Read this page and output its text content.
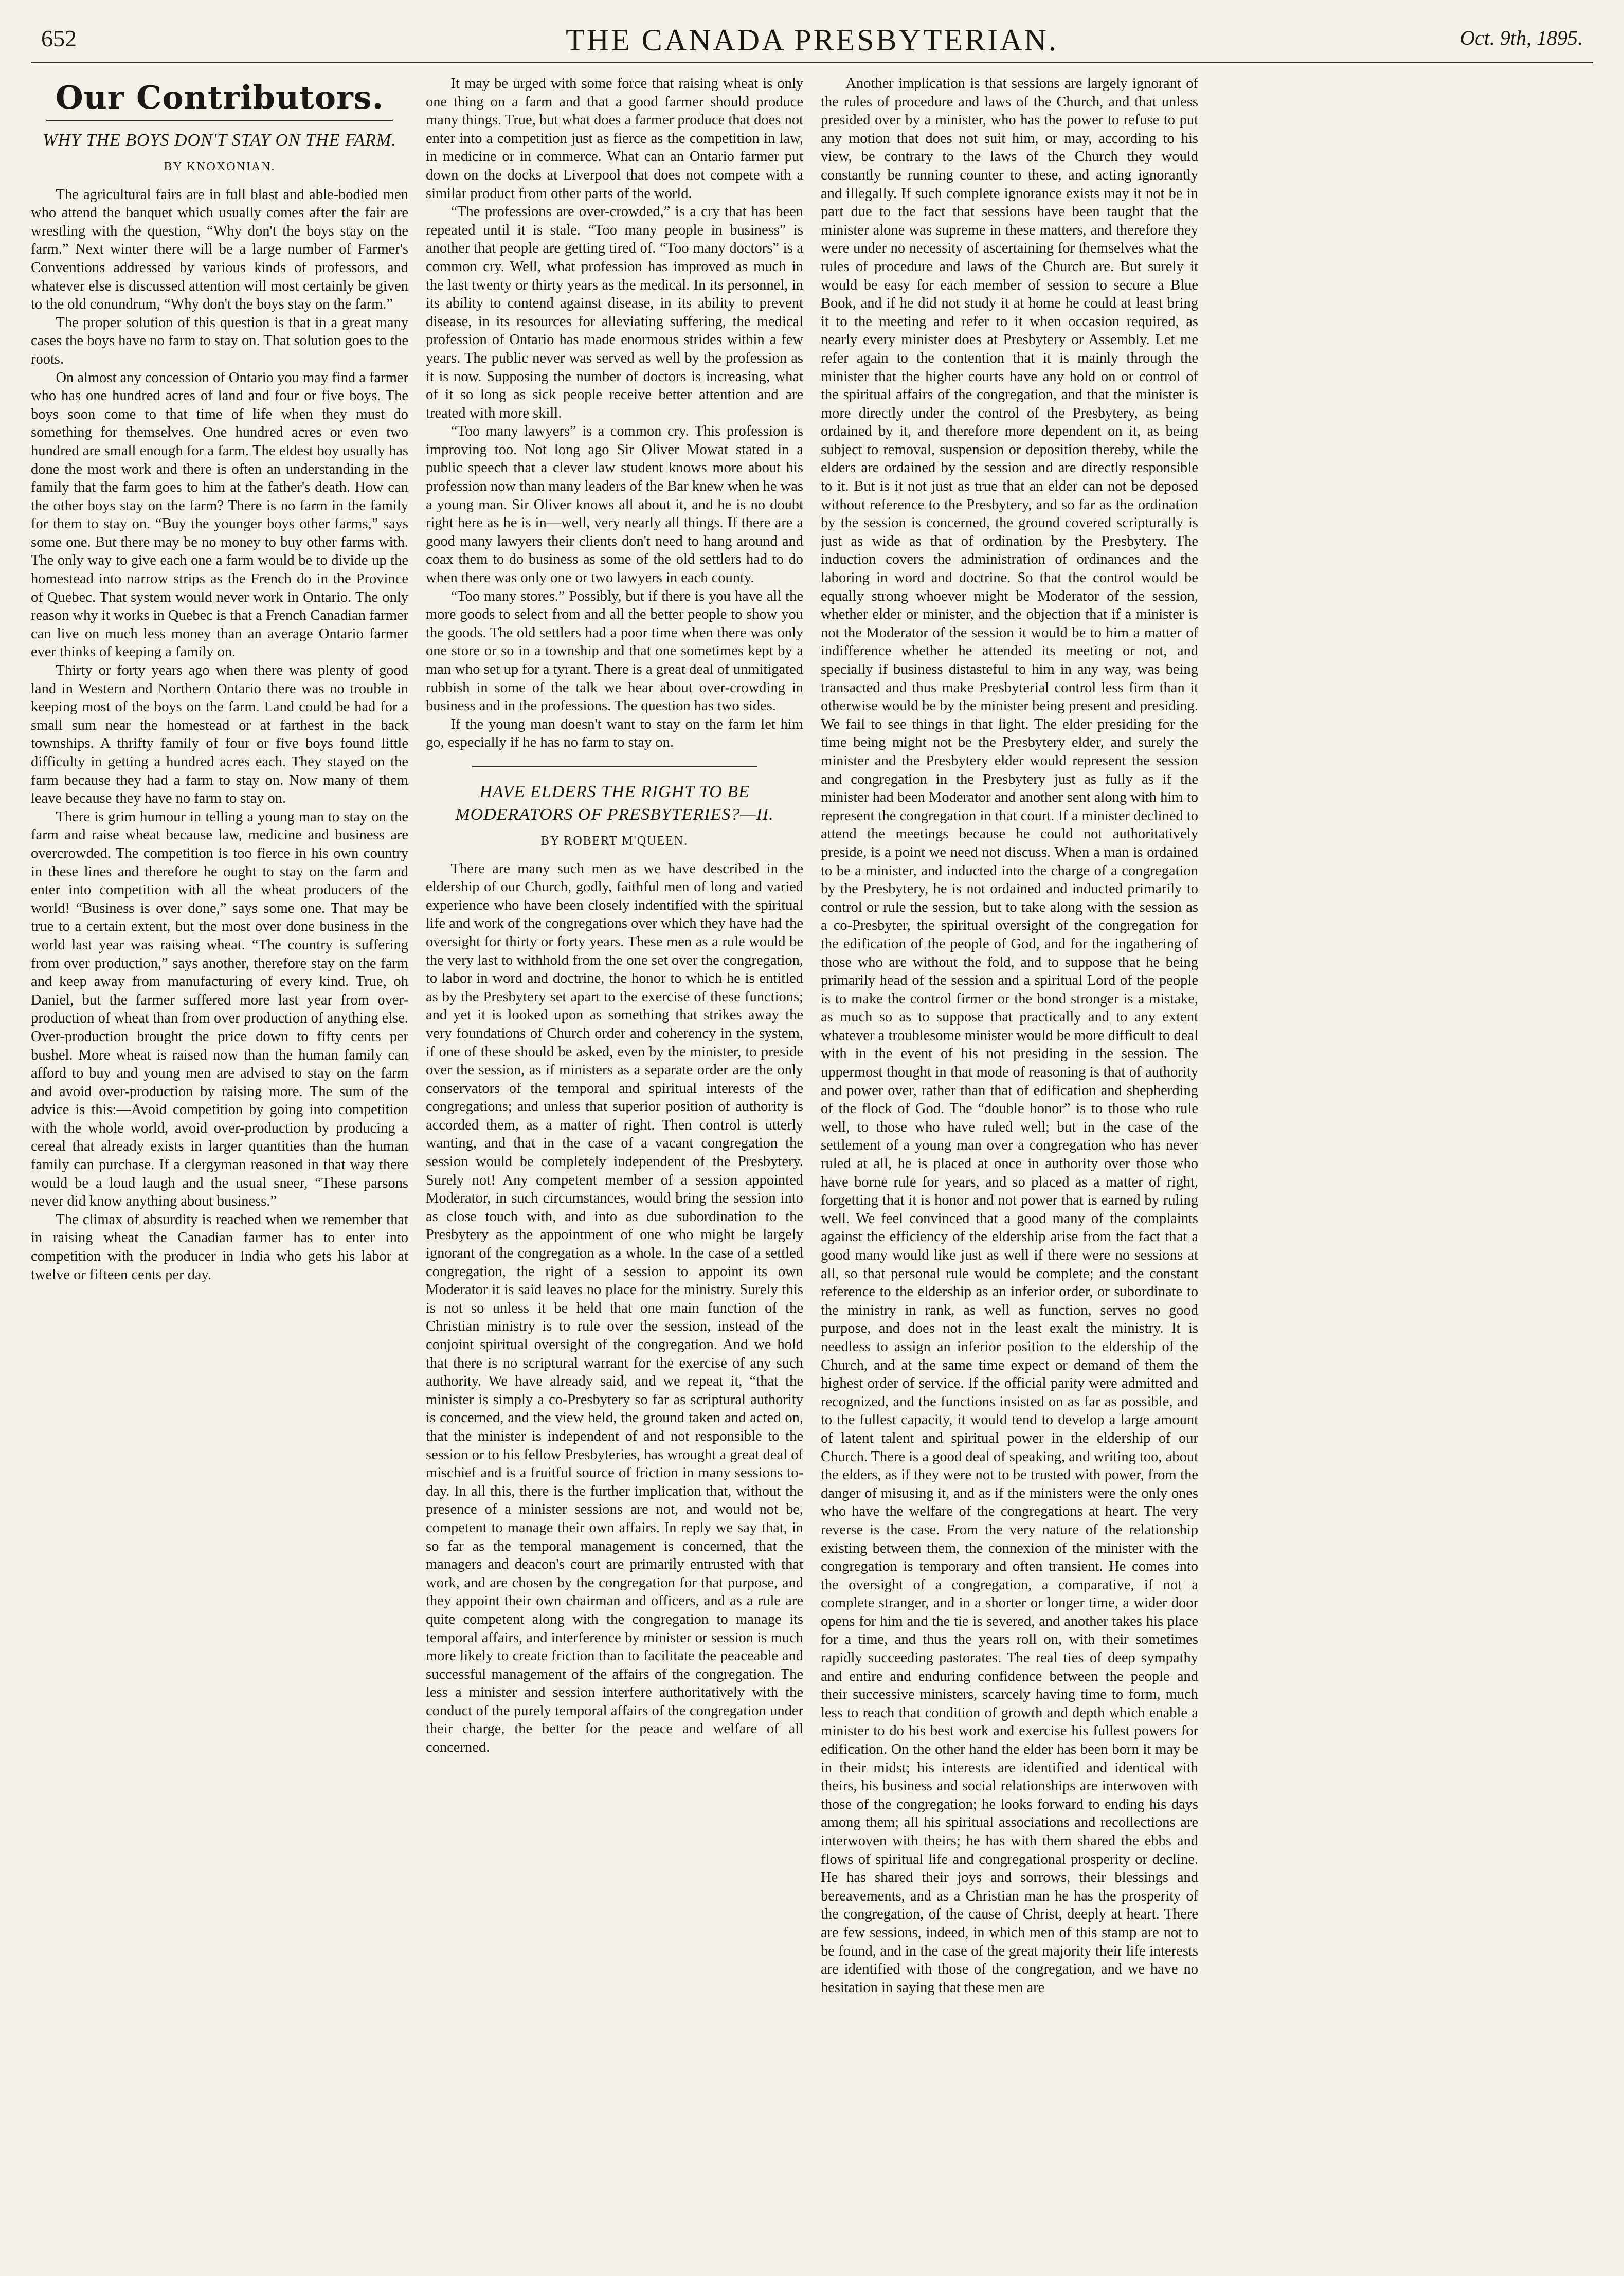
652	THE CANADA PRESBYTERIAN.	Oct. 9th, 1895.
Our Contributors.
WHY THE BOYS DON'T STAY ON THE FARM.
BY KNOXONIAN.

The agricultural fairs are in full blast and able-bodied men who attend the banquet which usually comes after the fair are wrestling with the question, “Why don't the boys stay on the farm.” Next winter there will be a large number of Farmer's Conventions addressed by various kinds of professors, and whatever else is discussed attention will most certainly be given to the old conundrum, “Why don't the boys stay on the farm.”

The proper solution of this question is that in a great many cases the boys have no farm to stay on. That solution goes to the roots.

On almost any concession of Ontario you may find a farmer who has one hundred acres of land and four or five boys. The boys soon come to that time of life when they must do something for themselves. One hundred acres or even two hundred are small enough for a farm. The eldest boy usually has done the most work and there is often an understanding in the family that the farm goes to him at the father's death. How can the other boys stay on the farm? There is no farm in the family for them to stay on. “Buy the younger boys other farms,” says some one. But there may be no money to buy other farms with. The only way to give each one a farm would be to divide up the homestead into narrow strips as the French do in the Province of Quebec. That system would never work in Ontario. The only reason why it works in Quebec is that a French Canadian farmer can live on much less money than an average Ontario farmer ever thinks of keeping a family on.

Thirty or forty years ago when there was plenty of good land in Western and Northern Ontario there was no trouble in keeping most of the boys on the farm. Land could be had for a small sum near the homestead or at farthest in the back townships. A thrifty family of four or five boys found little difficulty in getting a hundred acres each. They stayed on the farm because they had a farm to stay on. Now many of them leave because they have no farm to stay on.

There is grim humour in telling a young man to stay on the farm and raise wheat because law, medicine and business are overcrowded. The competition is too fierce in his own country in these lines and therefore he ought to stay on the farm and enter into competition with all the wheat producers of the world! “Business is over done,” says some one. That may be true to a certain extent, but the most over done business in the world last year was raising wheat. “The country is suffering from over production,” says another, therefore stay on the farm and keep away from manufacturing of every kind. True, oh Daniel, but the farmer suffered more last year from over-production of wheat than from over production of anything else. Over-production brought the price down to fifty cents per bushel. More wheat is raised now than the human family can afford to buy and young men are advised to stay on the farm and avoid over-production by raising more. The sum of the advice is this:—Avoid competition by going into competition with the whole world, avoid over-production by producing a cereal that already exists in larger quantities than the human family can purchase. If a clergyman reasoned in that way there would be a loud laugh and the usual sneer, “These parsons never did know anything about business.”

The climax of absurdity is reached when we remember that in raising wheat the Canadian farmer has to enter into competition with the producer in India who gets his labor at twelve or fifteen cents per day.

It may be urged with some force that raising wheat is only one thing on a farm and that a good farmer should produce many things. True, but what does a farmer produce that does not enter into a competition just as fierce as the competition in law, in medicine or in commerce. What can an Ontario farmer put down on the docks at Liverpool that does not compete with a similar product from other parts of the world.

“The professions are over-crowded,” is a cry that has been repeated until it is stale. “Too many people in business” is another that people are getting tired of. “Too many doctors” is a common cry. Well, what profession has improved as much in the last twenty or thirty years as the medical. In its personnel, in its ability to contend against disease, in its ability to prevent disease, in its resources for alleviating suffering, the medical profession of Ontario has made enormous strides within a few years. The public never was served as well by the profession as it is now. Supposing the number of doctors is increasing, what of it so long as sick people receive better attention and are treated with more skill.

“Too many lawyers” is a common cry. This profession is improving too. Not long ago Sir Oliver Mowat stated in a public speech that a clever law student knows more about his profession now than many leaders of the Bar knew when he was a young man. Sir Oliver knows all about it, and he is no doubt right here as he is in—well, very nearly all things. If there are a good many lawyers their clients don't need to hang around and coax them to do business as some of the old settlers had to do when there was only one or two lawyers in each county.

“Too many stores.” Possibly, but if there is you have all the more goods to select from and all the better people to show you the goods. The old settlers had a poor time when there was only one store or so in a township and that one sometimes kept by a man who set up for a tyrant. There is a great deal of unmitigated rubbish in some of the talk we hear about over-crowding in business and in the professions. The question has two sides.

If the young man doesn't want to stay on the farm let him go, especially if he has no farm to stay on.

HAVE ELDERS THE RIGHT TO BE MODERATORS OF PRESBYTERIES?—II.
BY ROBERT M'QUEEN.

There are many such men as we have described in the eldership of our Church, godly, faithful men of long and varied experience who have been closely indentified with the spiritual life and work of the congregations over which they have had the oversight for thirty or forty years. These men as a rule would be the very last to withhold from the one set over the congregation, to labor in word and doctrine, the honor to which he is entitled as by the Presbytery set apart to the exercise of these functions; and yet it is looked upon as something that strikes away the very foundations of Church order and coherency in the system, if one of these should be asked, even by the minister, to preside over the session, as if ministers as a separate order are the only conservators of the temporal and spiritual interests of the congregations; and unless that superior position of authority is accorded them, as a matter of right. Then control is utterly wanting, and that in the case of a vacant congregation the session would be completely independent of the Presbytery. Surely not! Any competent member of a session appointed Moderator, in such circumstances, would bring the session into as close touch with, and into as due subordination to the Presbytery as the appointment of one who might be largely ignorant of the congregation as a whole. In the case of a settled congregation, the right of a session to appoint its own Moderator it is said leaves no place for the ministry. Surely this is not so unless it be held that one main function of the Christian ministry is to rule over the session, instead of the conjoint spiritual oversight of the congregation. And we hold that there is no scriptural warrant for the exercise of any such authority. We have already said, and we repeat it, “that the minister is simply a co-Presbytery so far as scriptural authority is concerned, and the view held, the ground taken and acted on, that the minister is independent of and not responsible to the session or to his fellow Presbyteries, has wrought a great deal of mischief and is a fruitful source of friction in many sessions to-day. In all this, there is the further implication that, without the presence of a minister sessions are not, and would not be, competent to manage their own affairs. In reply we say that, in so far as the temporal management is concerned, that the managers and deacon's court are primarily entrusted with that work, and are chosen by the congregation for that purpose, and they appoint their own chairman and officers, and as a rule are quite competent along with the congregation to manage its temporal affairs, and interference by minister or session is much more likely to create friction than to facilitate the peaceable and successful management of the affairs of the congregation. The less a minister and session interfere authoritatively with the conduct of the purely temporal affairs of the congregation under their charge, the better for the peace and welfare of all concerned.

Another implication is that sessions are largely ignorant of the rules of procedure and laws of the Church, and that unless presided over by a minister, who has the power to refuse to put any motion that does not suit him, or may, according to his view, be contrary to the laws of the Church they would constantly be running counter to these, and acting ignorantly and illegally. If such complete ignorance exists may it not be in part due to the fact that sessions have been taught that the minister alone was supreme in these matters, and therefore they were under no necessity of ascertaining for themselves what the rules of procedure and laws of the Church are. But surely it would be easy for each member of session to secure a Blue Book, and if he did not study it at home he could at least bring it to the meeting and refer to it when occasion required, as nearly every minister does at Presbytery or Assembly. Let me refer again to the contention that it is mainly through the minister that the higher courts have any hold on or control of the spiritual affairs of the congregation, and that the minister is more directly under the control of the Presbytery, as being ordained by it, and therefore more dependent on it, as being subject to removal, suspension or deposition thereby, while the elders are ordained by the session and are directly responsible to it. But is it not just as true that an elder can not be deposed without reference to the Presbytery, and so far as the ordination by the session is concerned, the ground covered scripturally is just as wide as that of ordination by the Presbytery. The induction covers the administration of ordinances and the laboring in word and doctrine. So that the control would be equally strong whoever might be Moderator of the session, whether elder or minister, and the objection that if a minister is not the Moderator of the session it would be to him a matter of indifference whether he attended its meeting or not, and specially if business distasteful to him in any way, was being transacted and thus make Presbyterial control less firm than it otherwise would be by the minister being present and presiding. We fail to see things in that light. The elder presiding for the time being might not be the Presbytery elder, and surely the minister and the Presbytery elder would represent the session and congregation in the Presbytery just as fully as if the minister had been Moderator and another sent along with him to represent the congregation in that court. If a minister declined to attend the meetings because he could not authoritatively preside, is a point we need not discuss. When a man is ordained to be a minister, and inducted into the charge of a congregation by the Presbytery, he is not ordained and inducted primarily to control or rule the session, but to take along with the session as a co-Presbyter, the spiritual oversight of the congregation for the edification of the people of God, and for the ingathering of those who are without the fold, and to suppose that he being primarily head of the session and a spiritual Lord of the people is to make the control firmer or the bond stronger is a mistake, as much so as to suppose that practically and to any extent whatever a troublesome minister would be more difficult to deal with in the event of his not presiding in the session. The uppermost thought in that mode of reasoning is that of authority and power over, rather than that of edification and shepherding of the flock of God. The “double honor” is to those who rule well, to those who have ruled well; but in the case of the settlement of a young man over a congregation who has never ruled at all, he is placed at once in authority over those who have borne rule for years, and so placed as a matter of right, forgetting that it is honor and not power that is earned by ruling well. We feel convinced that a good many of the complaints against the efficiency of the eldership arise from the fact that a good many would like just as well if there were no sessions at all, so that personal rule would be complete; and the constant reference to the eldership as an inferior order, or subordinate to the ministry in rank, as well as function, serves no good purpose, and does not in the least exalt the ministry. It is needless to assign an inferior position to the eldership of the Church, and at the same time expect or demand of them the highest order of service. If the official parity were admitted and recognized, and the functions insisted on as far as possible, and to the fullest capacity, it would tend to develop a large amount of latent talent and spiritual power in the eldership of our Church. There is a good deal of speaking, and writing too, about the elders, as if they were not to be trusted with power, from the danger of misusing it, and as if the ministers were the only ones who have the welfare of the congregations at heart. The very reverse is the case. From the very nature of the relationship existing between them, the connexion of the minister with the congregation is temporary and often transient. He comes into the oversight of a congregation, a comparative, if not a complete stranger, and in a shorter or longer time, a wider door opens for him and the tie is severed, and another takes his place for a time, and thus the years roll on, with their sometimes rapidly succeeding pastorates. The real ties of deep sympathy and entire and enduring confidence between the people and their successive ministers, scarcely having time to form, much less to reach that condition of growth and depth which enable a minister to do his best work and exercise his fullest powers for edification. On the other hand the elder has been born it may be in their midst; his interests are identified and identical with theirs, his business and social relationships are interwoven with those of the congregation; he looks forward to ending his days among them; all his spiritual associations and recollections are interwoven with theirs; he has with them shared the ebbs and flows of spiritual life and congregational prosperity or decline. He has shared their joys and sorrows, their blessings and bereavements, and as a Christian man he has the prosperity of the congregation, of the cause of Christ, deeply at heart. There are few sessions, indeed, in which men of this stamp are not to be found, and in the case of the great majority their life interests are identified with those of the congregation, and we have no hesitation in saying that these men are
